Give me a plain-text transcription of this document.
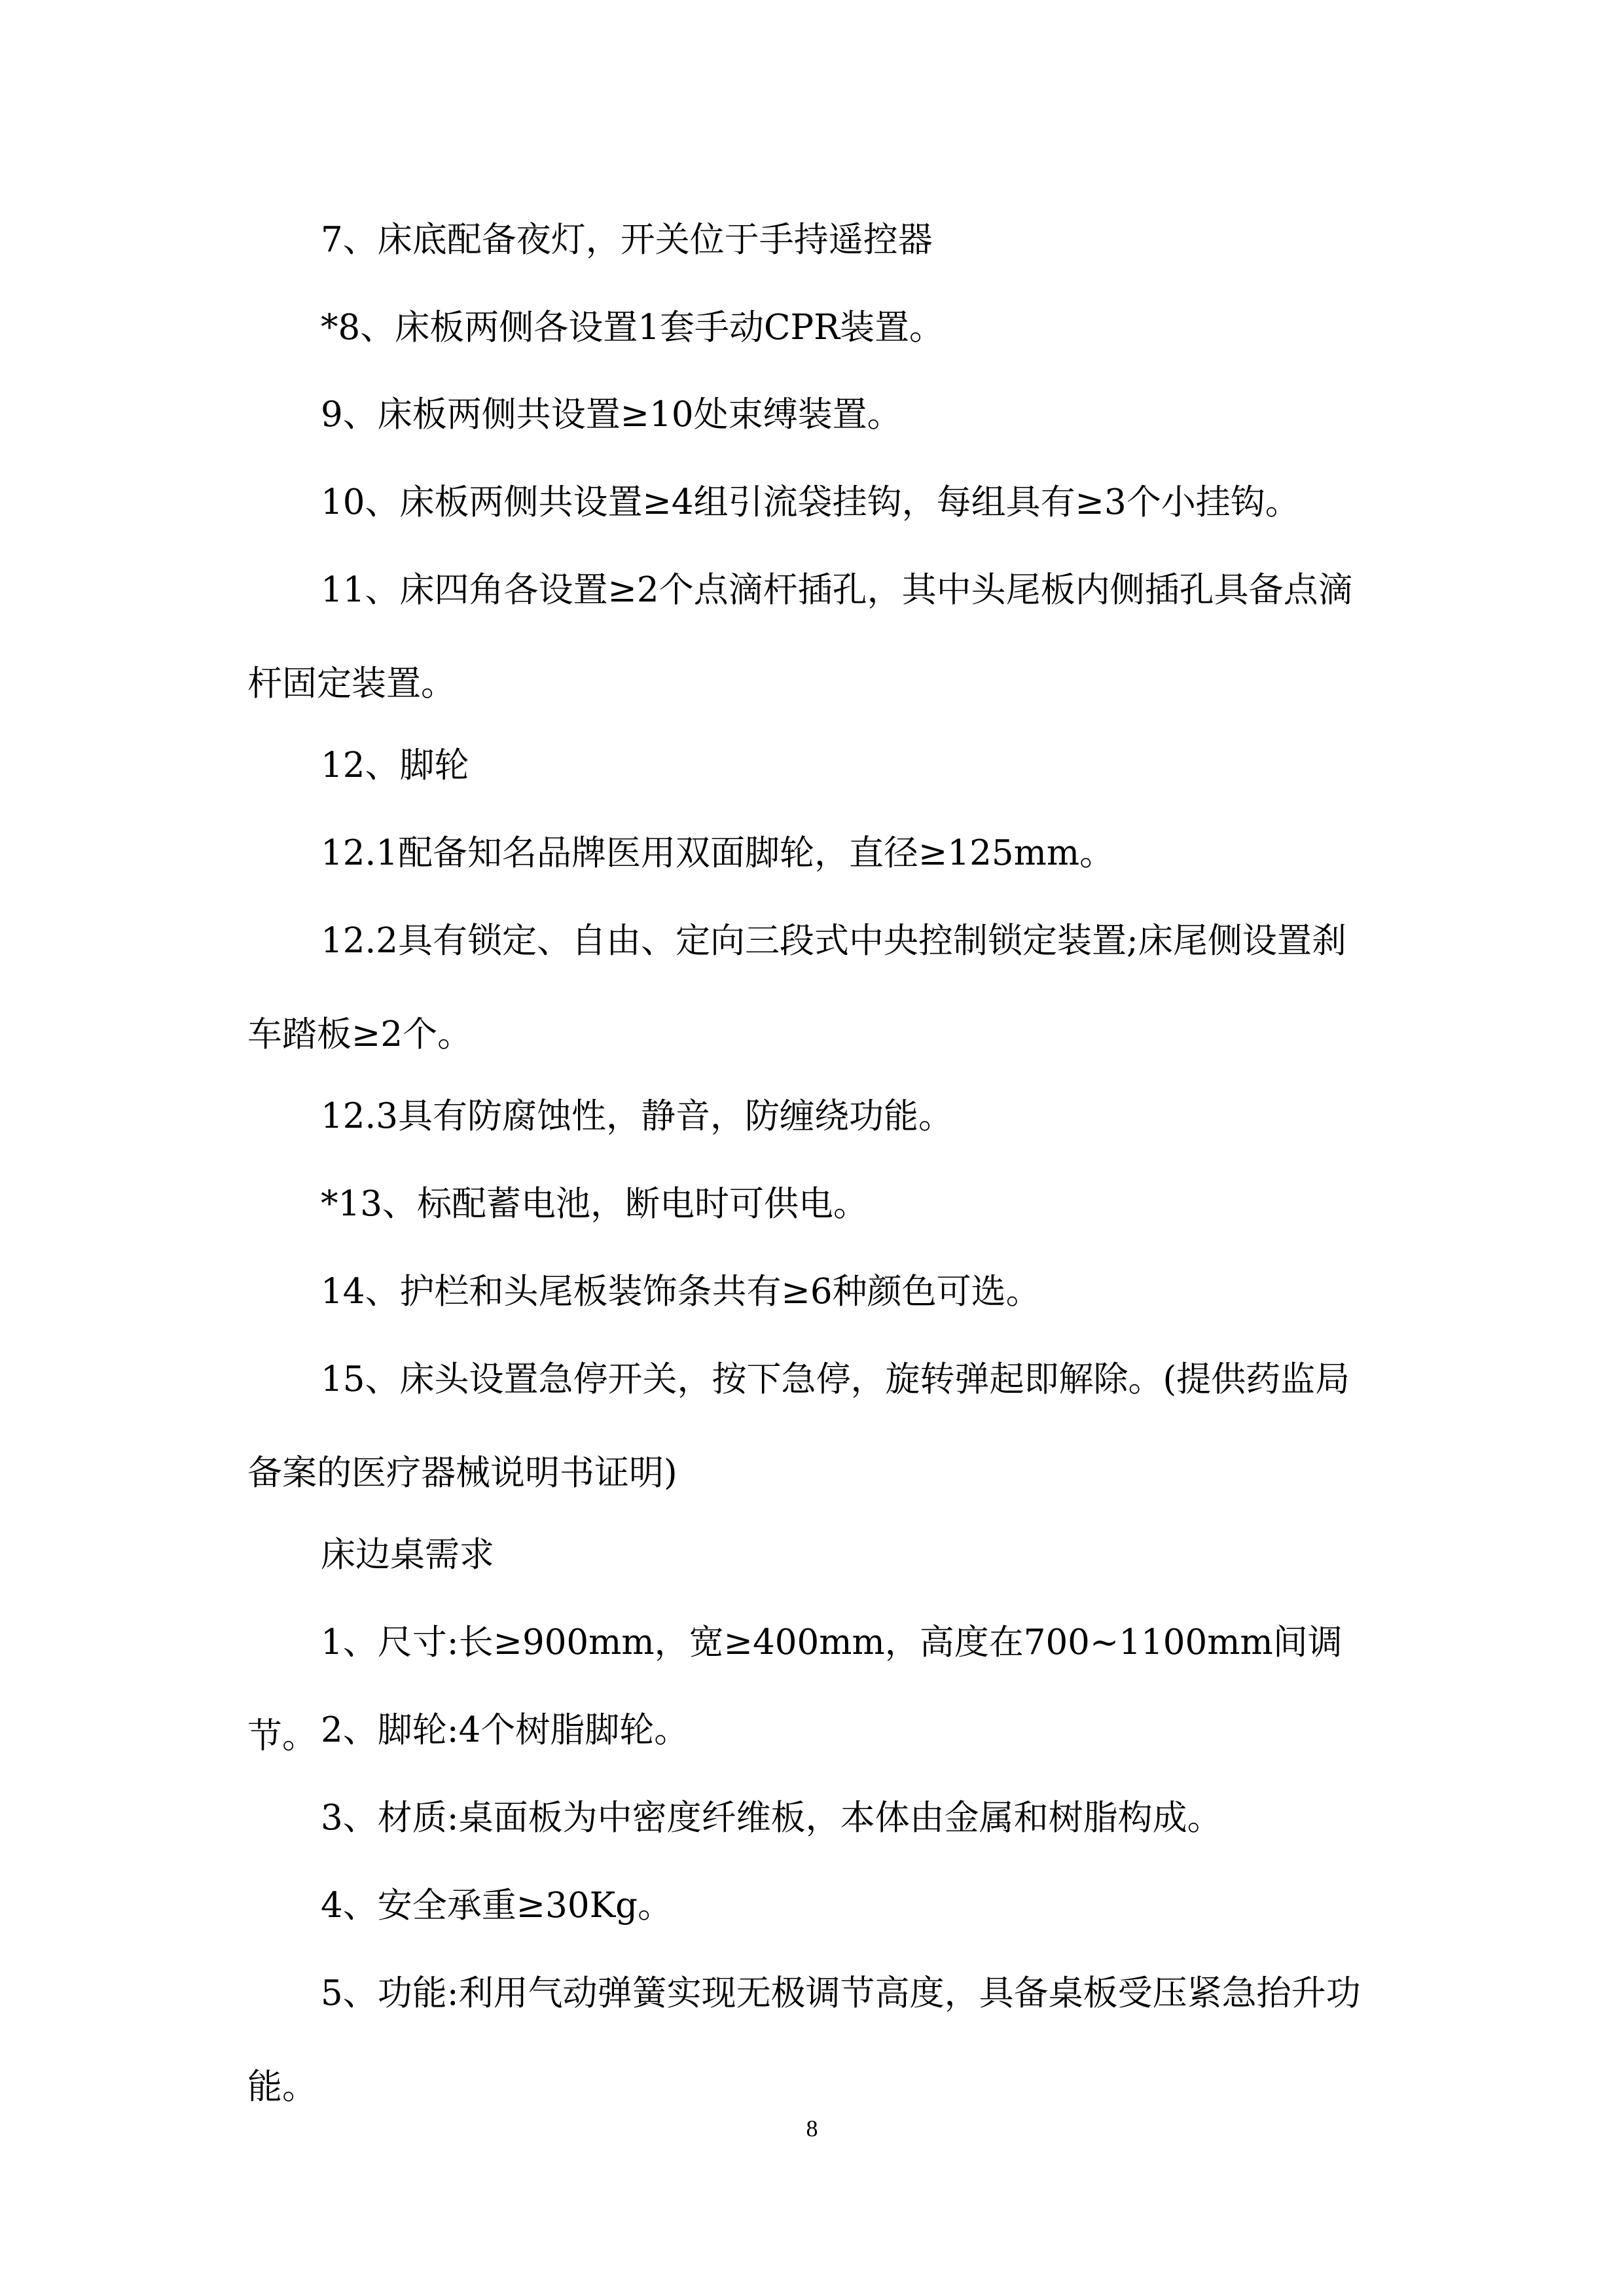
7、床底配备夜灯，开关位于手持遥控器

*8、床板两侧各设置1套手动CPR装置。

9、床板两侧共设置≥10处束缚装置。

10、床板两侧共设置≥4组引流袋挂钩，每组具有≥3个小挂钩。

11、床四角各设置≥2个点滴杆插孔，其中头尾板内侧插孔具备点滴杆固定装置。

12、脚轮

12.1配备知名品牌医用双面脚轮，直径≥125mm。

12.2具有锁定、自由、定向三段式中央控制锁定装置;床尾侧设置刹车踏板≥2个。

12.3具有防腐蚀性，静音，防缠绕功能。

*13、标配蓄电池，断电时可供电。

14、护栏和头尾板装饰条共有≥6种颜色可选。

15、床头设置急停开关，按下急停，旋转弹起即解除。(提供药监局备案的医疗器械说明书证明)

床边桌需求

1、尺寸:长≥900mm，宽≥400mm，高度在700~1100mm间调节。 2、脚轮:4个树脂脚轮。

3、材质:桌面板为中密度纤维板，本体由金属和树脂构成。

4、安全承重≥30Kg。

5、功能:利用气动弹簧实现无极调节高度，具备桌板受压紧急抬升功能。

8
